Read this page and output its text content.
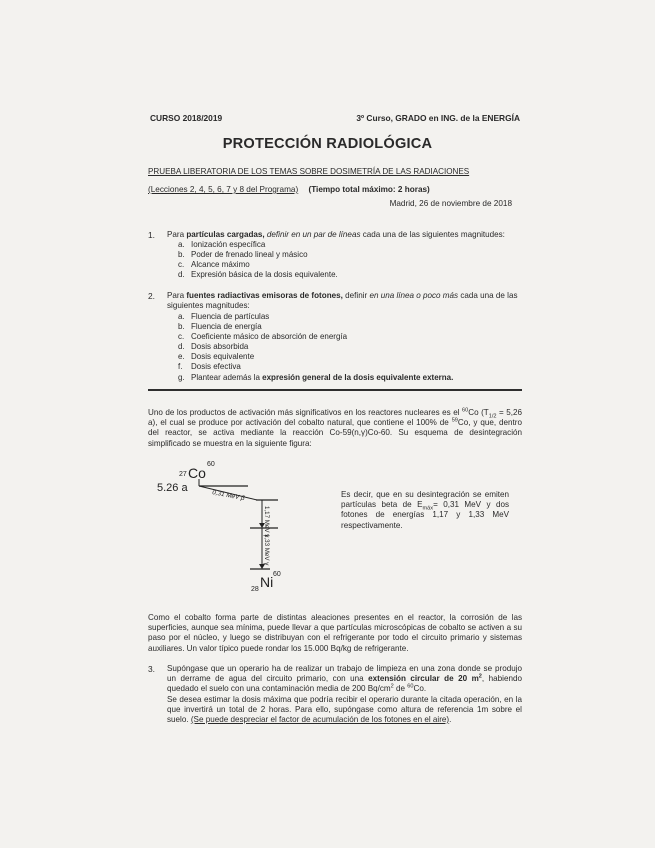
CURSO 2018/2019	3º Curso, GRADO en ING. de la ENERGÍA
PROTECCIÓN RADIOLÓGICA
PRUEBA LIBERATORIA DE LOS TEMAS SOBRE DOSIMETRÍA DE LAS RADIACIONES
(Lecciones 2, 4, 5, 6, 7 y 8 del Programa) (Tiempo total máximo: 2 horas)
Madrid, 26 de noviembre de 2018
1. Para partículas cargadas, definir en un par de líneas cada una de las siguientes magnitudes:
a. Ionización específica
b. Poder de frenado lineal y másico
c. Alcance máximo
d. Expresión básica de la dosis equivalente.
2. Para fuentes radiactivas emisoras de fotones, definir en una línea o poco más cada una de las siguientes magnitudes:
a. Fluencia de partículas
b. Fluencia de energía
c. Coeficiente másico de absorción de energía
d. Dosis absorbida
e. Dosis equivalente
f.	Dosis efectiva
g. Plantear además la expresión general de la dosis equivalente externa.
Uno de los productos de activación más significativos en los reactores nucleares es el $^{60}$Co ($T_{1/2} = 5,26$ a), el cual se produce por activación del cobalto natural, que contiene el 100% de $^{59}$Co, y que, dentro del reactor, se activa mediante la reacción Co-59(n,γ)Co-60. Su esquema de desintegración simplificado se muestra en la siguiente figura:
27 Co
60
5.26 a
0,31 MeV β
1,17 MeV γ
1,33 MeV γ
28 Ni 60
Es decir, que en su desintegración se emiten partículas beta de $E_{máx}= 0,31$ MeV y dos fotones de energías 1,17 y 1,33 MeV respectivamente.
Como el cobalto forma parte de distintas aleaciones presentes en el reactor, la corrosión de las superficies, aunque sea mínima, puede llevar a que partículas microscópicas de cobalto se activen a su paso por el núcleo, y luego se distribuyan con el refrigerante por todo el circuito primario y sistemas auxiliares. Un valor típico puede rondar los 15.000 Bq/kg de refrigerante.
3. Supóngase que un operario ha de realizar un trabajo de limpieza en una zona donde se produjo un derrame de agua del circuito primario, con una extensión circular de 20 $m^2$, habiendo quedado el suelo con una contaminación media de 200 $Bq/cm^2$ de $^{60}$Co.
Se desea estimar la dosis máxima que podría recibir el operario durante la citada operación, en la que invertirá un total de 2 horas. Para ello, supóngase como altura de referencia 1m sobre el suelo. (Se puede despreciar el factor de acumulación de los fotones en el aire).
